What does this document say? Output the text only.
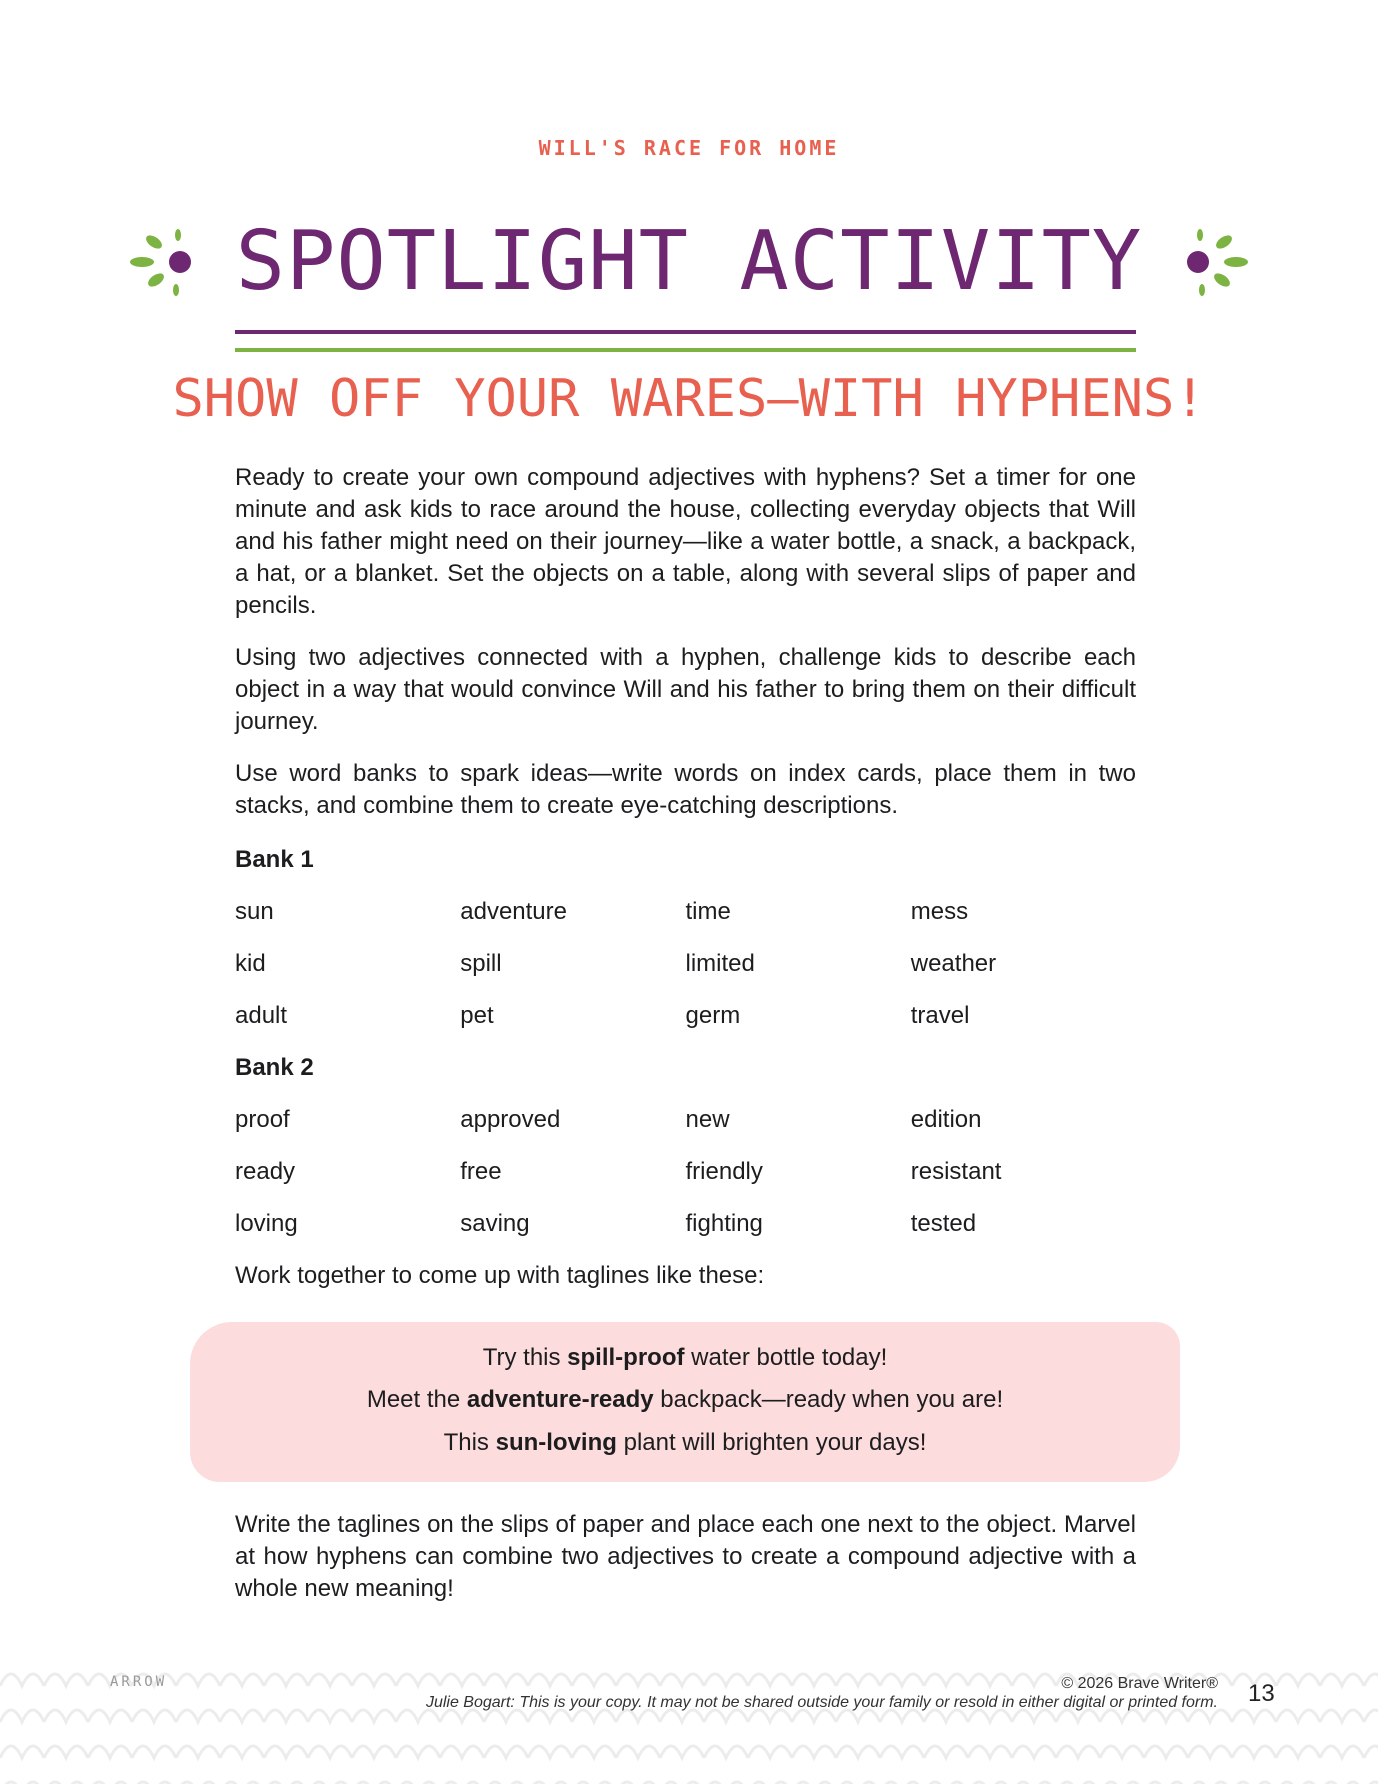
WILL'S RACE FOR HOME
SPOTLIGHT ACTIVITY
SHOW OFF YOUR WARES—WITH HYPHENS!

Ready to create your own compound adjectives with hyphens? Set a timer for one minute and ask kids to race around the house, collecting everyday objects that Will and his father might need on their journey—like a water bottle, a snack, a backpack, a hat, or a blanket. Set the objects on a table, along with several slips of paper and pencils.

Using two adjectives connected with a hyphen, challenge kids to describe each object in a way that would convince Will and his father to bring them on their difficult journey.

Use word banks to spark ideas—write words on index cards, place them in two stacks, and combine them to create eye-catching descriptions.

Bank 1
sun	adventure	time	mess
kid	spill	limited	weather
adult	pet	germ	travel
Bank 2
proof	approved	new	edition
ready	free	friendly	resistant
loving	saving	fighting	tested

Work together to come up with taglines like these:

Try this spill-proof water bottle today!
Meet the adventure-ready backpack—ready when you are!
This sun-loving plant will brighten your days!

Write the taglines on the slips of paper and place each one next to the object. Marvel at how hyphens can combine two adjectives to create a compound adjective with a whole new meaning!

ARROW	© 2026 Brave Writer®
Julie Bogart: This is your copy. It may not be shared outside your family or resold in either digital or printed form. 13
